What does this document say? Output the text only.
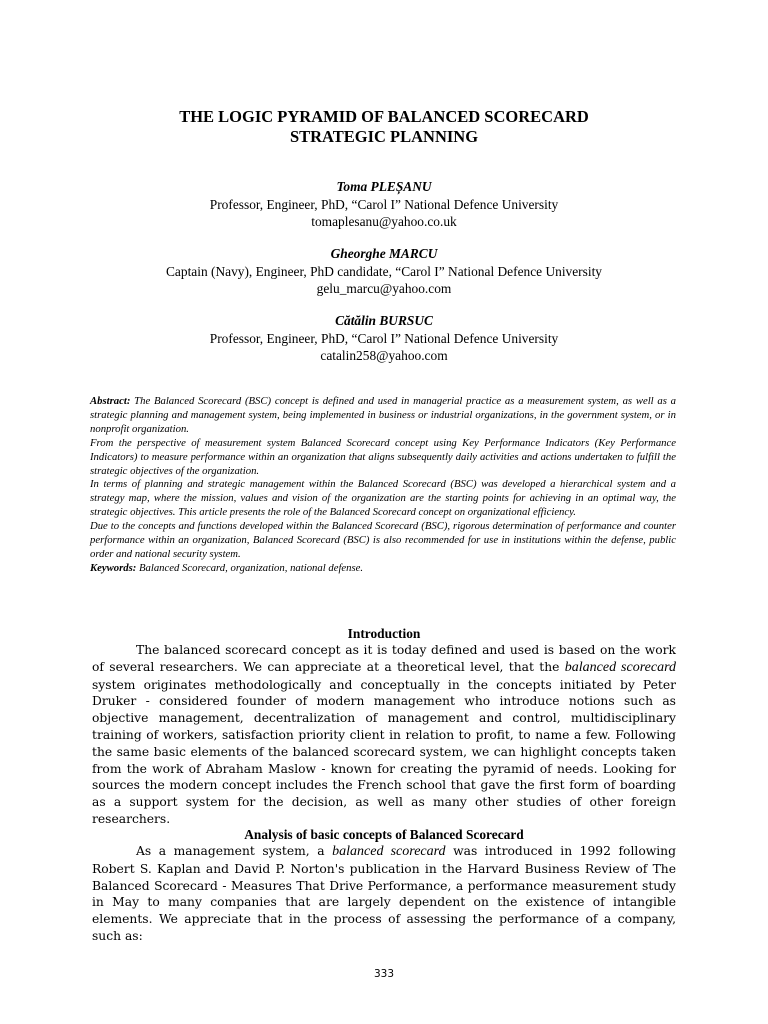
THE LOGIC PYRAMID OF BALANCED SCORECARD
STRATEGIC PLANNING
Toma PLEȘANU
Professor, Engineer, PhD, “Carol I” National Defence University
tomaplesanu@yahoo.co.uk
Gheorghe MARCU
Captain (Navy), Engineer, PhD candidate, “Carol I” National Defence University
gelu_marcu@yahoo.com
Cătălin BURSUC
Professor, Engineer, PhD, “Carol I” National Defence University
catalin258@yahoo.com

Abstract: The Balanced Scorecard (BSC) concept is defined and used in managerial practice as a measurement system, as well as a strategic planning and management system, being implemented in business or industrial organizations, in the government system, or in nonprofit organization.

From the perspective of measurement system Balanced Scorecard concept using Key Performance Indicators (Key Performance Indicators) to measure performance within an organization that aligns subsequently daily activities and actions undertaken to fulfill the strategic objectives of the organization.

In terms of planning and strategic management within the Balanced Scorecard (BSC) was developed a hierarchical system and a strategy map, where the mission, values and vision of the organization are the starting points for achieving in an optimal way, the strategic objectives. This article presents the role of the Balanced Scorecard concept on organizational efficiency.

Due to the concepts and functions developed within the Balanced Scorecard (BSC), rigorous determination of performance and counter performance within an organization, Balanced Scorecard (BSC) is also recommended for use in institutions within the defense, public order and national security system.

Keywords: Balanced Scorecard, organization, national defense.

Introduction

The balanced scorecard concept as it is today defined and used is based on the work of several researchers. We can appreciate at a theoretical level, that the balanced scorecard system originates methodologically and conceptually in the concepts initiated by Peter Druker - considered founder of modern management who introduce notions such as objective management, decentralization of management and control, multidisciplinary training of workers, satisfaction priority client in relation to profit, to name a few. Following the same basic elements of the balanced scorecard system, we can highlight concepts taken from the work of Abraham Maslow - known for creating the pyramid of needs. Looking for sources the modern concept includes the French school that gave the first form of boarding as a support system for the decision, as well as many other studies of other foreign researchers.

Analysis of basic concepts of Balanced Scorecard

As a management system, a balanced scorecard was introduced in 1992 following Robert S. Kaplan and David P. Norton's publication in the Harvard Business Review of The Balanced Scorecard - Measures That Drive Performance, a performance measurement study in May to many companies that are largely dependent on the existence of intangible elements. We appreciate that in the process of assessing the performance of a company, such as:

333
